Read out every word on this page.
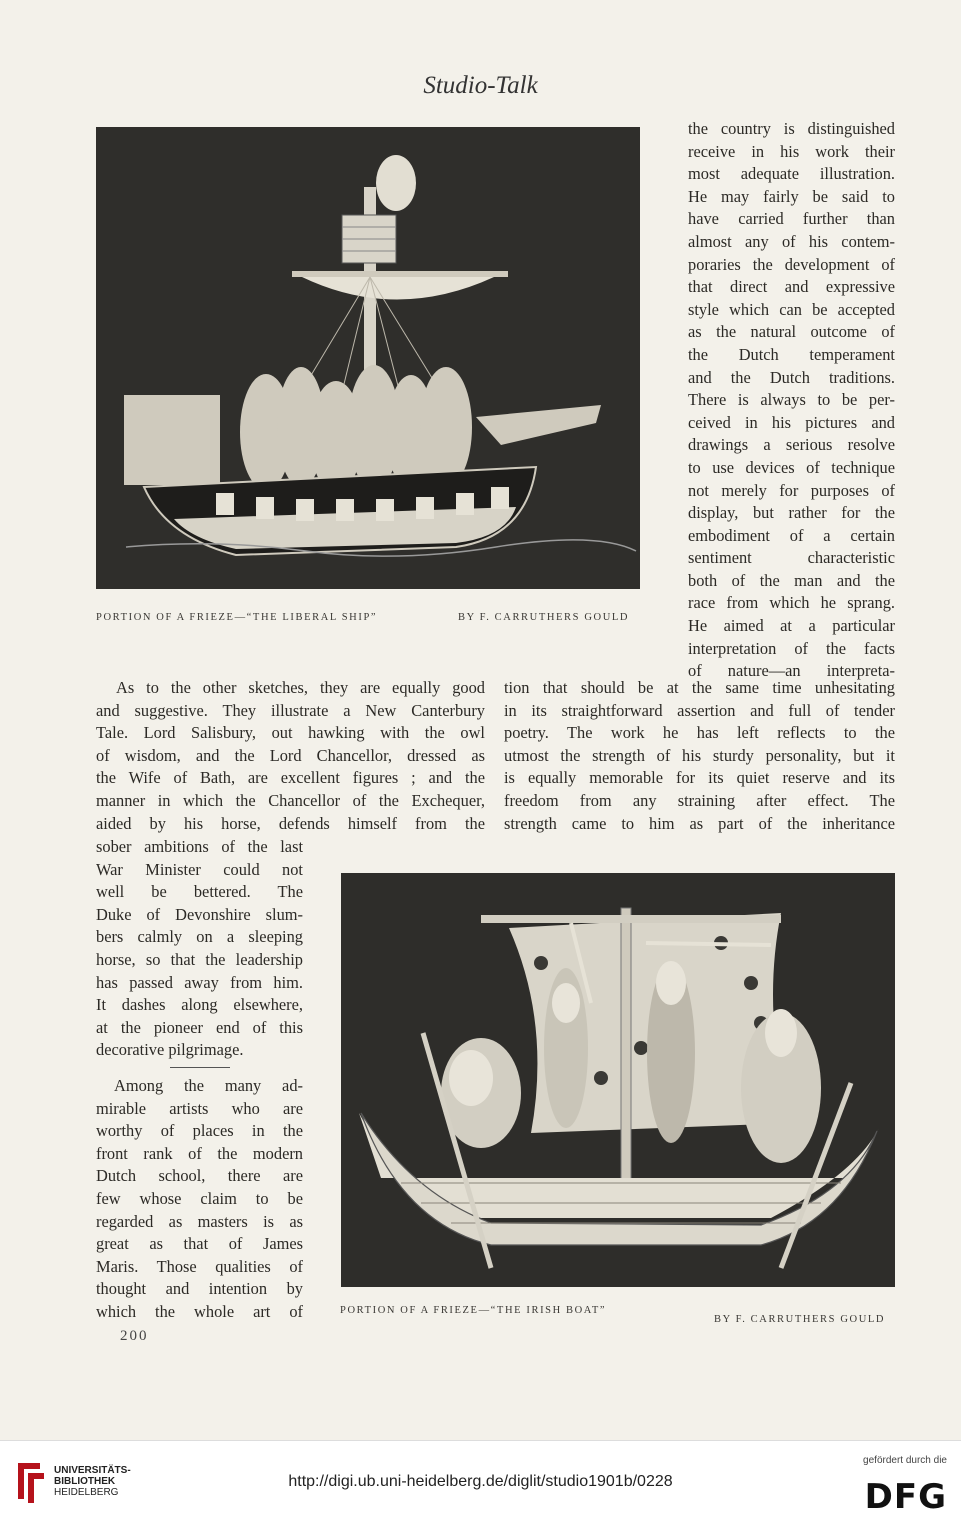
Studio-Talk
PORTION OF A FRIEZE—“THE LIBERAL SHIP”	BY F. CARRUTHERS GOULD
the country is distinguished
receive in his work their
most adequate illustration.
He may fairly be said to
have carried further than
almost any of his contem-
poraries the development of
that direct and expressive
style which can be accepted
as the natural outcome of
the Dutch temperament
and the Dutch traditions.
There is always to be per-
ceived in his pictures and
drawings a serious resolve
to use devices of technique
not merely for purposes of
display, but rather for the
embodiment of a certain
sentiment characteristic
both of the man and the
race from which he sprang.
He aimed at a particular
interpretation of the facts
of nature—an interpreta-
As to the other sketches, they are equally good
and suggestive. They illustrate a New Canterbury
Tale. Lord Salisbury, out hawking with the owl
of wisdom, and the Lord Chancellor, dressed as
the Wife of Bath, are excellent figures ; and the
manner in which the Chancellor of the Exchequer,
aided by his horse, defends himself from the
tion that should be at the same time unhesitating
in its straightforward assertion and full of tender
poetry. The work he has left reflects to the
utmost the strength of his sturdy personality, but it
is equally memorable for its quiet reserve and its
freedom from any straining after effect. The
strength came to him as part of the inheritance
sober ambitions of the last
War Minister could not
well be bettered. The
Duke of Devonshire slum-
bers calmly on a sleeping
horse, so that the leadership
has passed away from him.
It dashes along elsewhere,
at the pioneer end of this
decorative pilgrimage.
Among the many ad-
mirable artists who are
worthy of places in the
front rank of the modern
Dutch school, there are
few whose claim to be
regarded as masters is as
great as that of James
Maris. Those qualities of
thought and intention by
which the whole art of	PORTION OF A FRIEZE—“THE IRISH BOAT”
BY F. CARRUTHERS GOULD
200
UNIVERSITÄTS-
BIBLIOTHEK
HEIDELBERG
http://digi.ub.uni-heidelberg.de/diglit/studio1901b/0228
gefördert durch die
DFG
